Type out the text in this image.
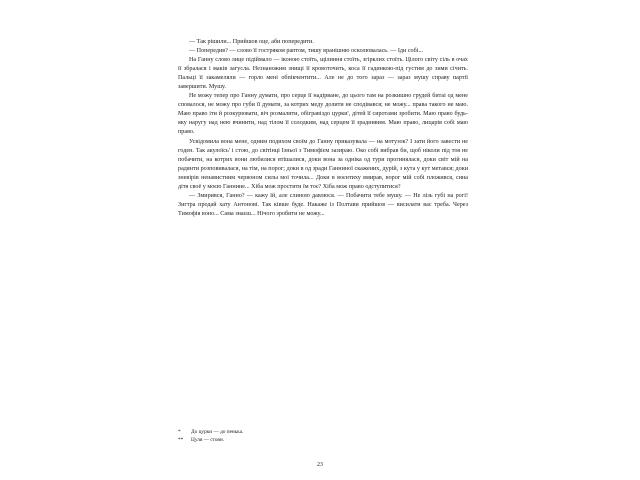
— Так рішили... Прийшов оце, аби попередити.

— Попередив? — слово її гостряком раптом, тишу вранішню осколювалась. — Іди собі...

На Ганну слово лице підіймало — іконою стоїть, щілиння стоїть, згірклих стоїть. Цілого світу сіль в очах її збралася і маків загусла. Незнаножим знищі її кровоточить, коса її гадинкою-під густим до зими січить. Пальці її закамеляли — горло мені обпікчентити... Але не до того зараз — зараз мушу справу партії завершити. Мушу.

Не можу тепер про Ганну думати, про серце її надірване, до цього там на розкишно грудей битаі од мене сповалося, не можу про губи її думати, за котрих меду долити не сподівався; не можу... права такого не маю. Маю право іти й розкурювати, віч розмалити, обігравіздо цурки', дітей її сиротами зробити. Маю право будь-яку наругу над нею вчинити, над тілом її солодким, над серцем її зраднивим. Маю право, лицарів собі маю право.

Усвідомила вона мене, одним подихом своїм до Ганну приказувала — на мотузок? І зати його завести не годен. Так акулоїсь' і стою, до світінці Ізньої з Тимофієм зазираю. Око собі вибрав би, щоб ніколи під тоя не побачити, на котрих вони любилися втішалися, доки вона за одніка од тури прогинялася, доки світ мій на радянти розповивалася, на тім, на порог; доки в од зради Ганниної скажених, дурій, з кута у кут метався; доки зневірів ненавистним червоном силы моі точила... Доки в воєнтиху вмирав, ворог мій собі пложився, сина дітя своё у моєю Ганнине... Хіба мож простити їм тоє? Хіба мож право одступитися?

— Змирився, Ганно? — кажу їй, але слиною давлюся. — Побачити тебе мушу. — Не лізь губі на рогі! Зигтра продай хату Антонові. Так ківше буде. Накаже із Полтави прийшов — висилати вас треба. Через Тимофія воно... Сама знаєш... Нічого зробити не можу...

*	До цурки — до пенька.
**	Цуля — стоян.
23
